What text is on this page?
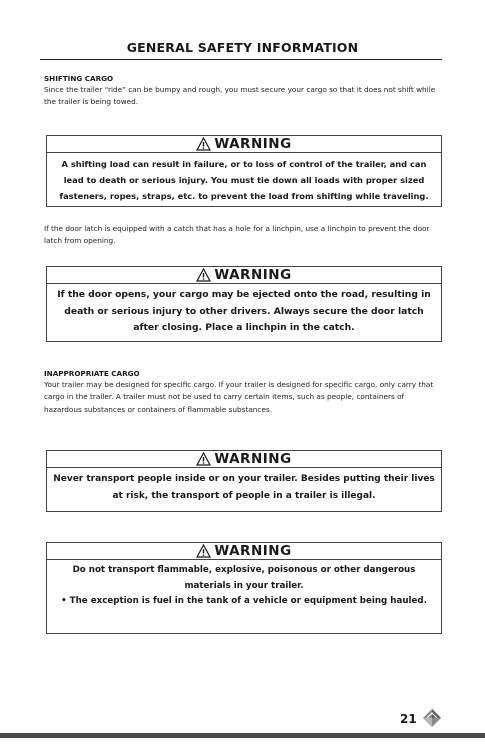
GENERAL SAFETY INFORMATION
SHIFTING CARGO
Since the trailer “ride” can be bumpy and rough, you must secure your cargo so that it does not shift while the trailer is being towed.
WARNING
A shifting load can result in failure, or to loss of control of the trailer, and can lead to death or serious injury. You must tie down all loads with proper sized fasteners, ropes, straps, etc. to prevent the load from shifting while traveling.
If the door latch is equipped with a catch that has a hole for a linchpin, use a linchpin to prevent the door latch from opening.
WARNING
If the door opens, your cargo may be ejected onto the road, resulting in death or serious injury to other drivers. Always secure the door latch after closing. Place a linchpin in the catch.
INAPPROPRIATE CARGO
Your trailer may be designed for specific cargo. If your trailer is designed for specific cargo, only carry that cargo in the trailer. A trailer must not be used to carry certain items, such as people, containers of hazardous substances or containers of flammable substances.
WARNING
Never transport people inside or on your trailer. Besides putting their lives at risk, the transport of people in a trailer is illegal.
WARNING

Do not transport flammable, explosive, poisonous or other dangerous materials in your trailer.

• The exception is fuel in the tank of a vehicle or equipment being hauled.

21
